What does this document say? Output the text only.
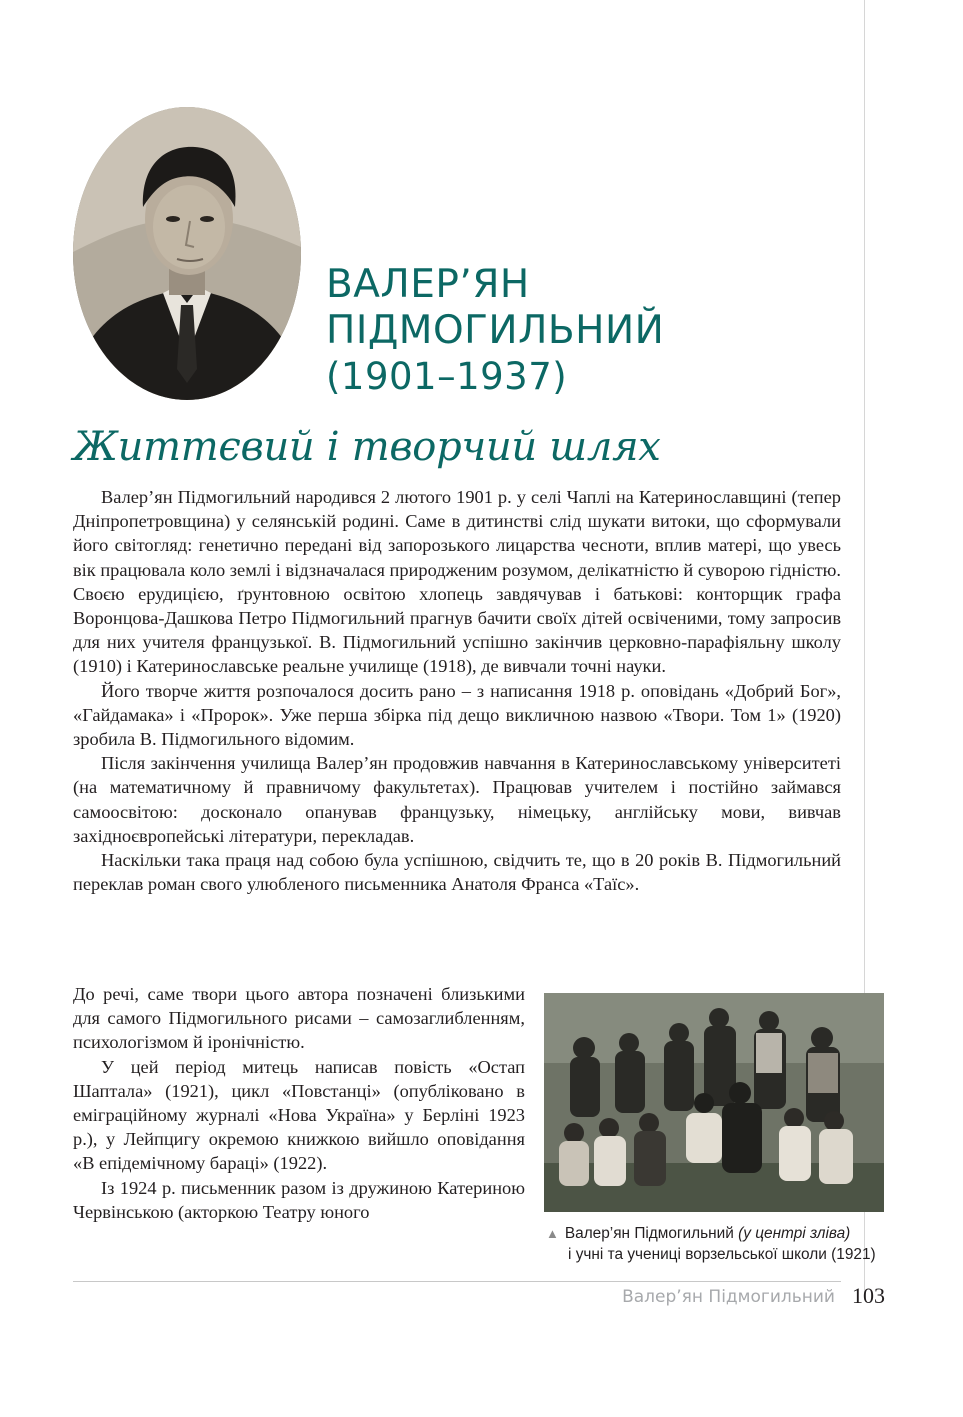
ВАЛЕР’ЯН
ПІДМОГИЛЬНИЙ
(1901–1937)
Життєвий і творчий шлях

Валер’ян Підмогильний народився 2 лютого 1901 р. у селі Чаплі на Катеринославщині (тепер Дніпропетровщина) у селянській родині. Саме в дитинстві слід шукати витоки, що сформували його світогляд: генетично передані від запорозького лицарства чесноти, вплив матері, що увесь вік працювала коло землі і відзначалася природженим розумом, делікатністю й суворою гідністю. Своєю ерудицією, ґрунтовною освітою хлопець завдячував і батькові: конторщик графа Воронцова-Дашкова Петро Підмогильний прагнув бачити своїх дітей освіченими, тому запросив для них учителя французької. В. Підмогильний успішно закінчив церковно-парафіяльну школу (1910) і Катеринославське реальне училище (1918), де вивчали точні науки.

Його творче життя розпочалося досить рано – з написання 1918 р. оповідань «Добрий Бог», «Гайдамака» і «Пророк». Уже перша збірка під дещо викличною назвою «Твори. Том 1» (1920) зробила В. Підмогильного відомим.

Після закінчення училища Валер’ян продовжив навчання в Катеринославському університеті (на математичному й правничому факультетах). Працював учителем і постійно займався самоосвітою: досконало опанував французьку, німецьку, англійську мови, вивчав західноєвропейські літератури, перекладав.

Наскільки така праця над собою була успішною, свідчить те, що в 20 років В. Підмогильний переклав роман свого улюбленого письменника Анатоля Франса «Таїс».

До речі, саме твори цього автора позначені близькими для самого Підмогильного рисами – самозаглибленням, психологізмом й іронічністю.

У цей період митець написав повість «Остап Шаптала» (1921), цикл «Повстанці» (опубліковано в еміграційному журналі «Нова Україна» у Берліні 1923 р.), у Лейпцигу окремою книжкою вийшло оповідання «В епідемічному бараці» (1922).

Із 1924 р. письменник разом із дружиною Катериною Червінською (акторкою Театру юного

▲ Валер’ян Підмогильний (у центрі зліва)
і учні та учениці ворзельської школи (1921)
Валер’ян Підмогильний 103
